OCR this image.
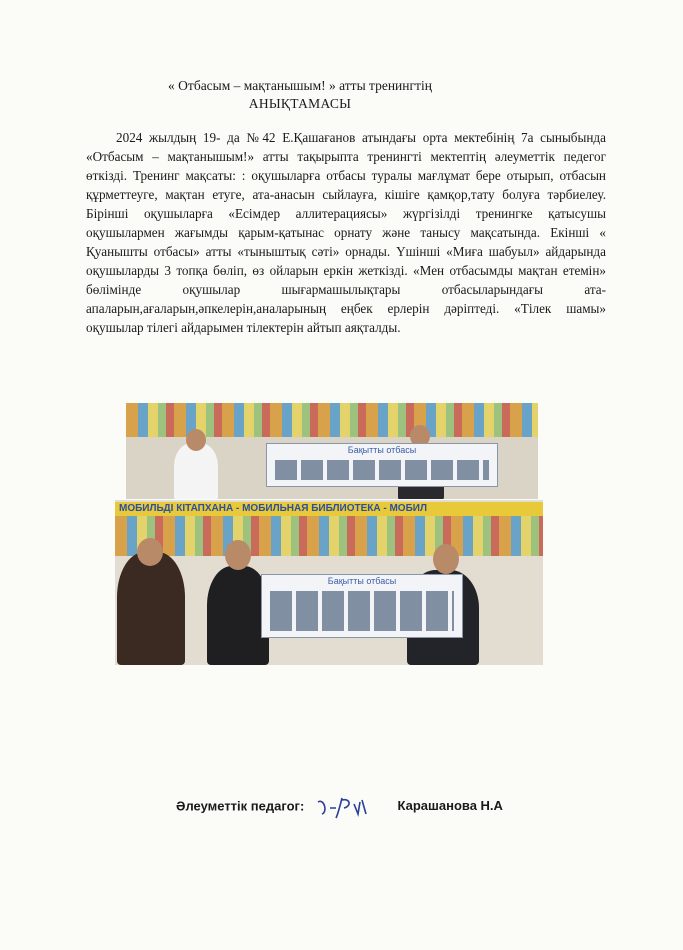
« Отбасым – мақтанышым! » атты тренингтің
АНЫҚТАМАСЫ

2024 жылдың 19- да №42 Е.Қашағанов атындағы орта мектебінің 7а сыныбында «Отбасым – мақтанышым!» атты тақырыпта тренингті мектептің әлеуметтік педегог өткізді. Тренинг мақсаты: : оқушыларға отбасы туралы мағлұмат бере отырып, отбасын құрметтеуге, мақтан етуге, ата-анасын сыйлауға, кішіге қамқор,тату болуға тәрбиелеу. Бірінші оқушыларға «Есімдер аллитерациясы» жүргізілді тренингке қатысушы оқушылармен жағымды қарым-қатынас орнату және танысу мақсатында. Екінші « Қуанышты отбасы» атты «тыныштық сәті» орнады. Үшінші «Миға шабуыл» айдарында оқушыларды 3 топқа бөліп, өз ойларын еркін жеткізді. «Мен отбасымды мақтан етемін» бөлімінде оқушылар шығармашылықтары отбасыларындағы ата-апаларын,ағаларын,әпкелерін,аналарының еңбек ерлерін дәріптеді. «Тілек шамы» оқушылар тілегі айдарымен тілектерін айтып аяқталды.

Бақытты отбасы
МОБИЛЬДІ КІТАПХАНА - МОБИЛЬНАЯ БИБЛИОТЕКА - МОБИЛ
Бақытты отбасы
Әлеуметтік педагог:	Карашанова Н.А
